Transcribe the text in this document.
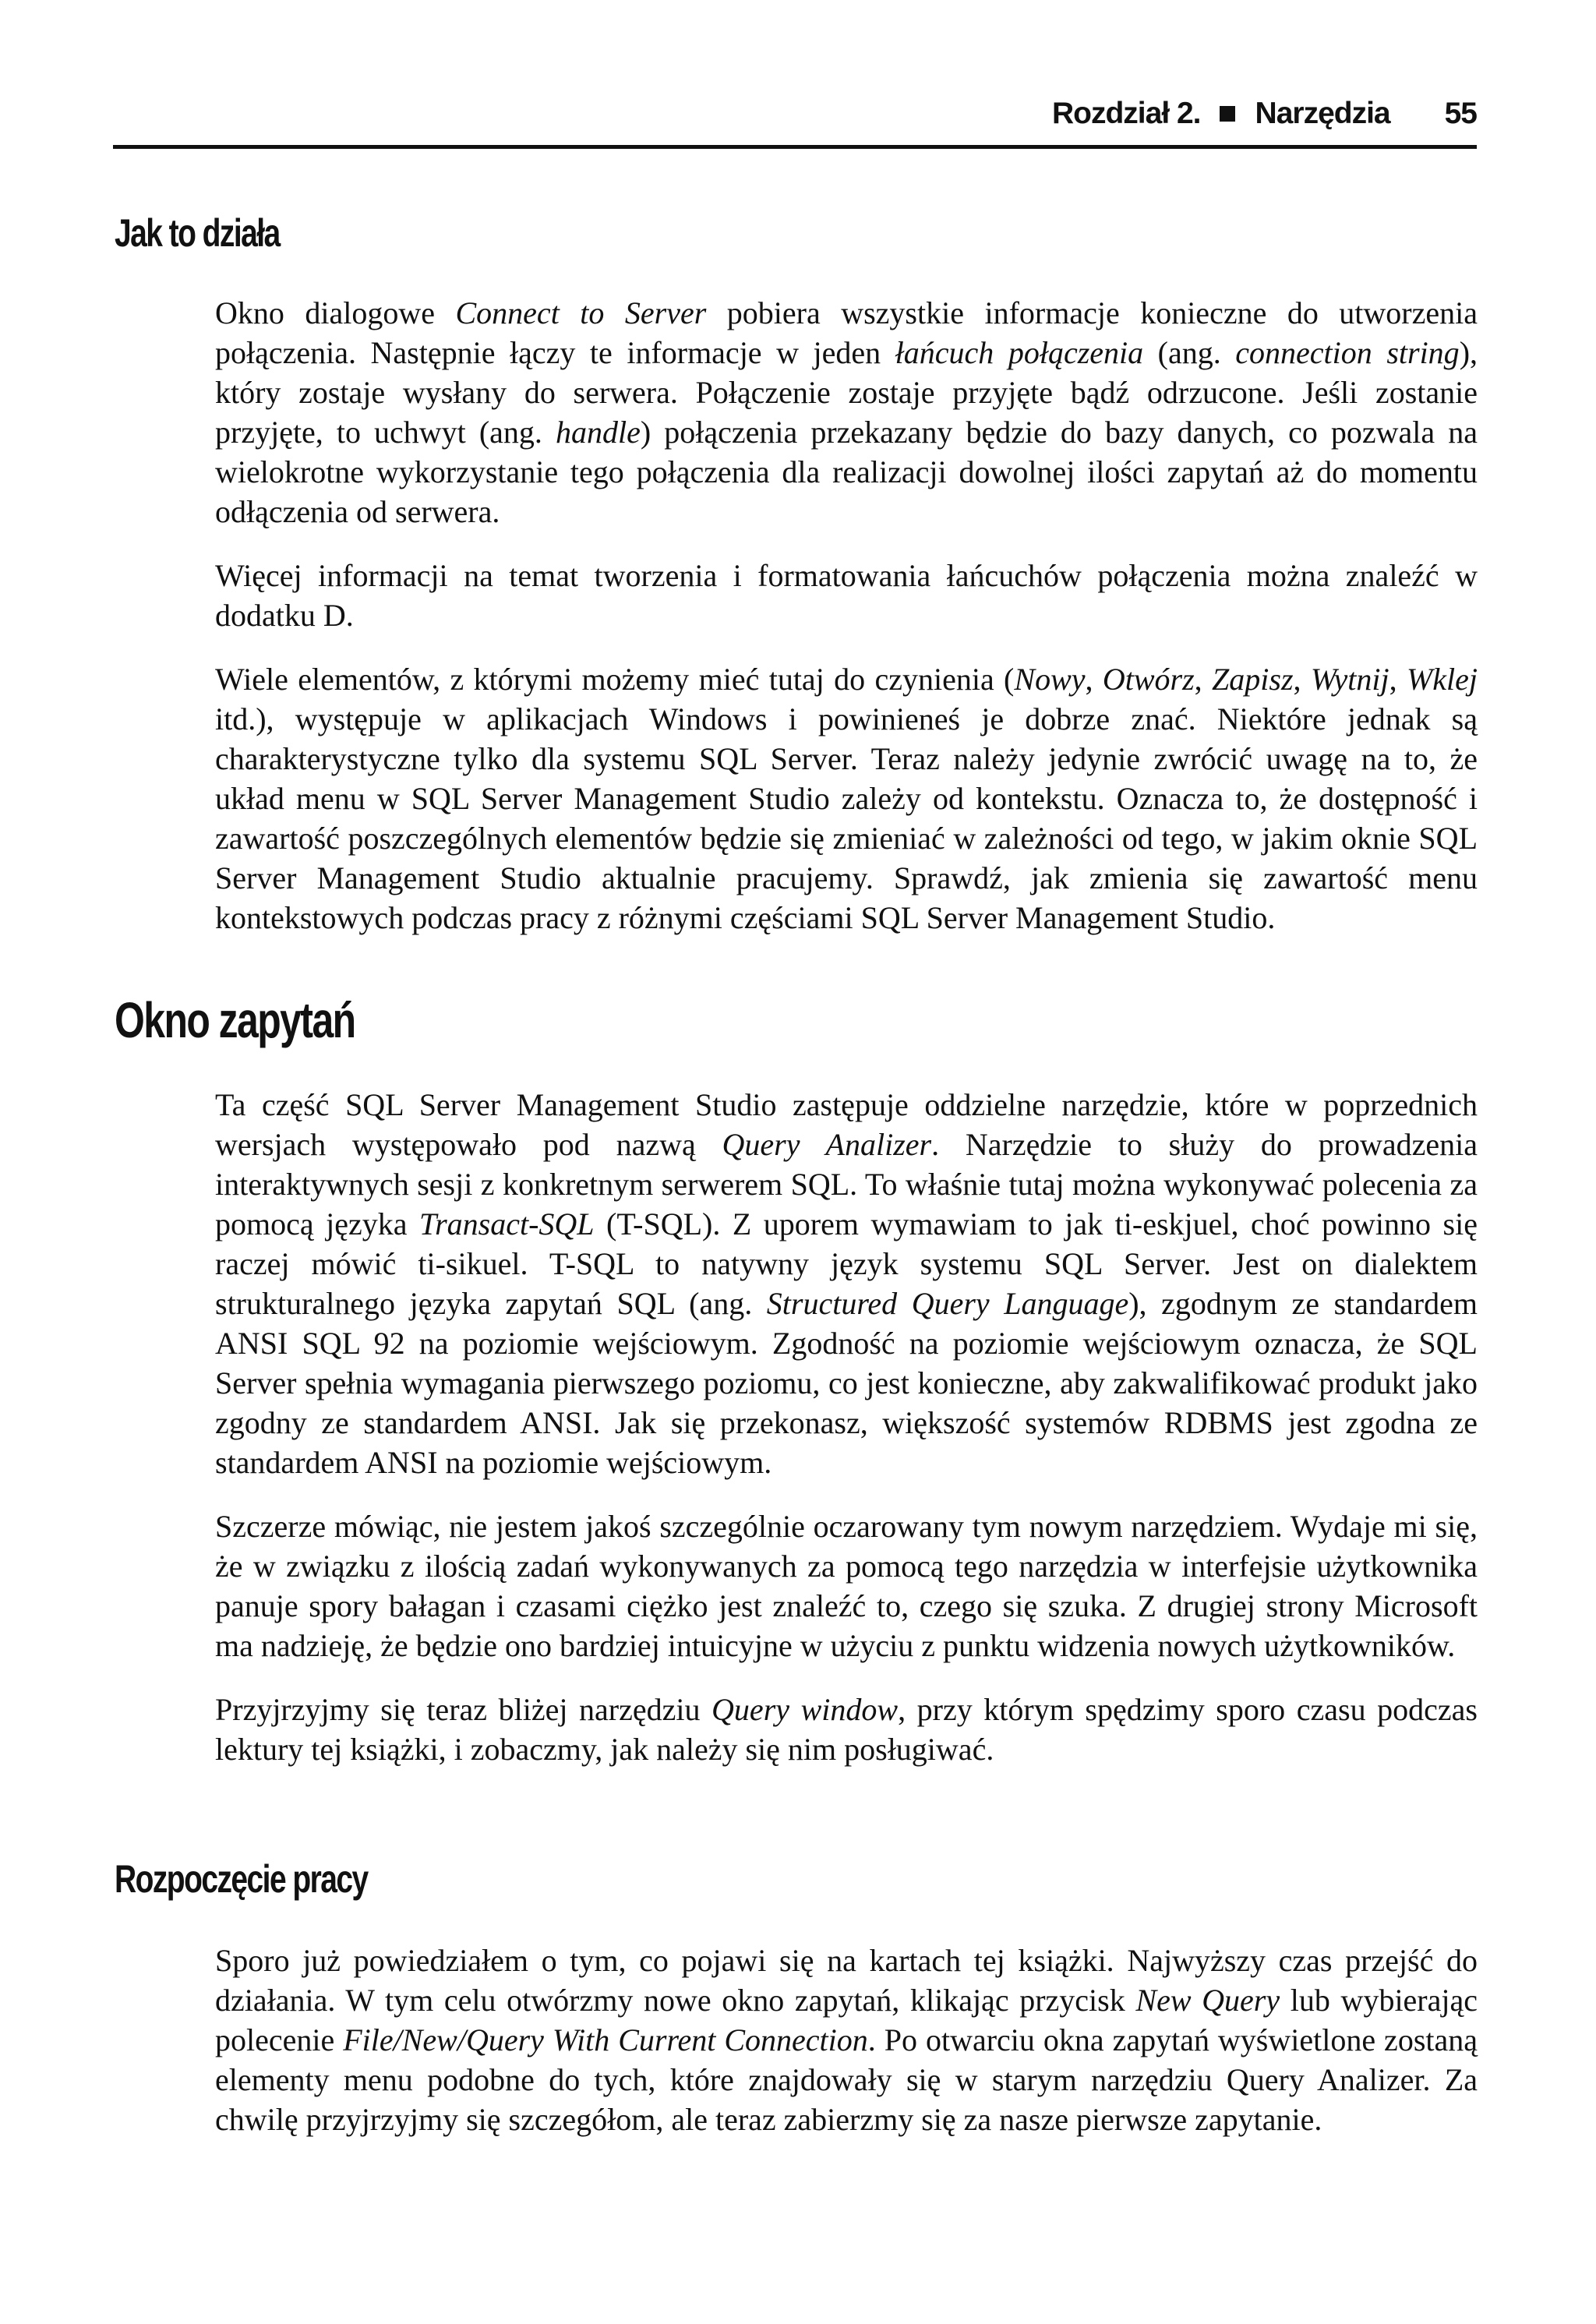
Rozdział 2. Narzędzia 55
Jak to działa

Okno dialogowe Connect to Server pobiera wszystkie informacje konieczne do utworzenia połączenia. Następnie łączy te informacje w jeden łańcuch połączenia (ang. connection string), który zostaje wysłany do serwera. Połączenie zostaje przyjęte bądź odrzucone. Jeśli zostanie przyjęte, to uchwyt (ang. handle) połączenia przekazany będzie do bazy danych, co pozwala na wielokrotne wykorzystanie tego połączenia dla realizacji dowolnej ilości zapytań aż do momentu odłączenia od serwera.

Więcej informacji na temat tworzenia i formatowania łańcuchów połączenia można znaleźć w dodatku D.

Wiele elementów, z którymi możemy mieć tutaj do czynienia (Nowy, Otwórz, Zapisz, Wytnij, Wklej itd.), występuje w aplikacjach Windows i powinieneś je dobrze znać. Niektóre jednak są charakterystyczne tylko dla systemu SQL Server. Teraz należy jedynie zwrócić uwagę na to, że układ menu w SQL Server Management Studio zależy od kontekstu. Oznacza to, że dostępność i zawartość poszczególnych elementów będzie się zmieniać w zależności od tego, w jakim oknie SQL Server Management Studio aktualnie pracujemy. Sprawdź, jak zmienia się zawartość menu kontekstowych podczas pracy z różnymi częściami SQL Server Management Studio.

Okno zapytań

Ta część SQL Server Management Studio zastępuje oddzielne narzędzie, które w poprzednich wersjach występowało pod nazwą Query Analizer. Narzędzie to służy do prowadzenia interaktywnych sesji z konkretnym serwerem SQL. To właśnie tutaj można wykonywać polecenia za pomocą języka Transact-SQL (T-SQL). Z uporem wymawiam to jak ti-eskjuel, choć powinno się raczej mówić ti-sikuel. T-SQL to natywny język systemu SQL Server. Jest on dialektem strukturalnego języka zapytań SQL (ang. Structured Query Language), zgodnym ze standardem ANSI SQL 92 na poziomie wejściowym. Zgodność na poziomie wejściowym oznacza, że SQL Server spełnia wymagania pierwszego poziomu, co jest konieczne, aby zakwalifikować produkt jako zgodny ze standardem ANSI. Jak się przekonasz, większość systemów RDBMS jest zgodna ze standardem ANSI na poziomie wejściowym.

Szczerze mówiąc, nie jestem jakoś szczególnie oczarowany tym nowym narzędziem. Wydaje mi się, że w związku z ilością zadań wykonywanych za pomocą tego narzędzia w interfejsie użytkownika panuje spory bałagan i czasami ciężko jest znaleźć to, czego się szuka. Z drugiej strony Microsoft ma nadzieję, że będzie ono bardziej intuicyjne w użyciu z punktu widzenia nowych użytkowników.

Przyjrzyjmy się teraz bliżej narzędziu Query window, przy którym spędzimy sporo czasu podczas lektury tej książki, i zobaczmy, jak należy się nim posługiwać.

Rozpoczęcie pracy

Sporo już powiedziałem o tym, co pojawi się na kartach tej książki. Najwyższy czas przejść do działania. W tym celu otwórzmy nowe okno zapytań, klikając przycisk New Query lub wybierając polecenie File/New/Query With Current Connection. Po otwarciu okna zapytań wyświetlone zostaną elementy menu podobne do tych, które znajdowały się w starym narzędziu Query Analizer. Za chwilę przyjrzyjmy się szczegółom, ale teraz zabierzmy się za nasze pierwsze zapytanie.
